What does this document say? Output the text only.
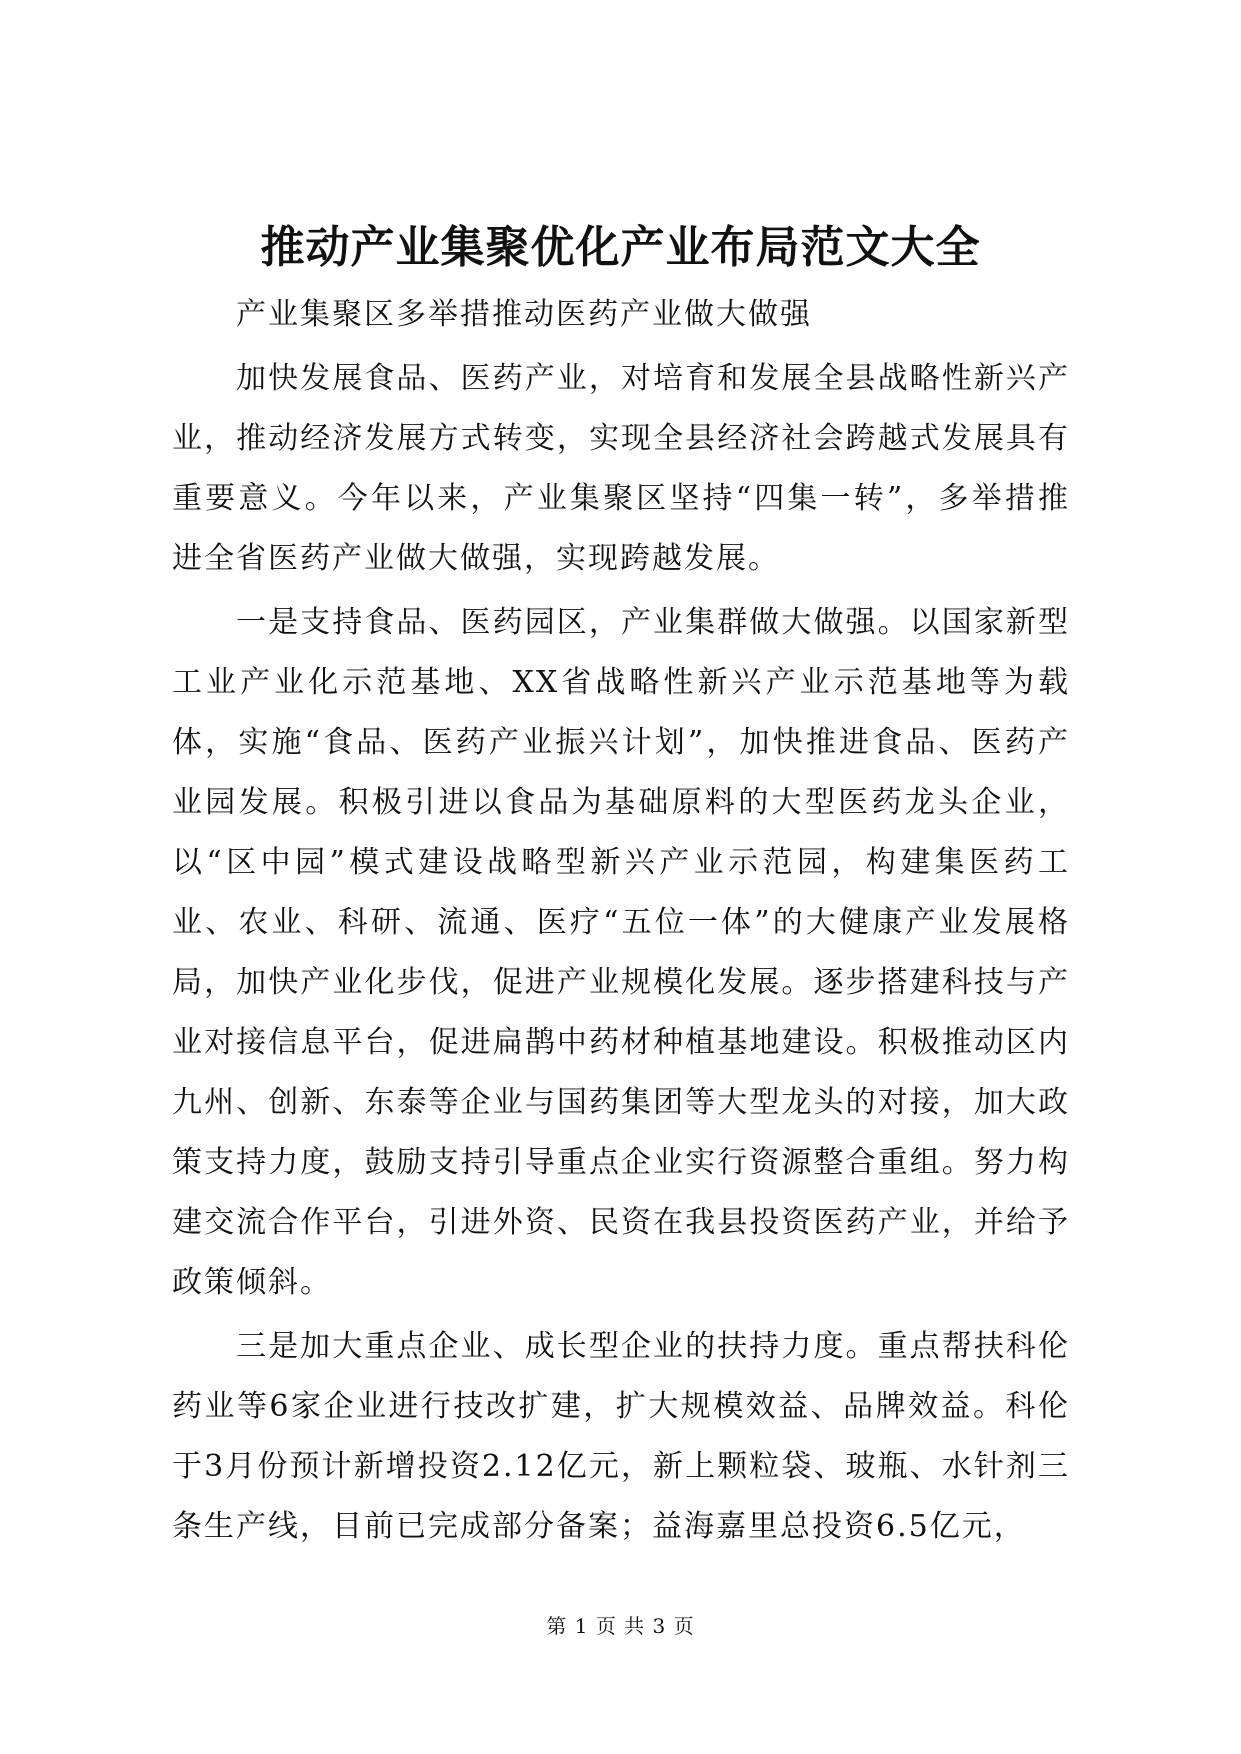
推动产业集聚优化产业布局范文大全

产业集聚区多举措推动医药产业做大做强

加快发展食品、医药产业，对培育和发展全县战略性新兴产业，推动经济发展方式转变，实现全县经济社会跨越式发展具有重要意义。今年以来，产业集聚区坚持“四集一转”，多举措推进全省医药产业做大做强，实现跨越发展。

一是支持食品、医药园区，产业集群做大做强。以国家新型工业产业化示范基地、XX省战略性新兴产业示范基地等为载体，实施“食品、医药产业振兴计划”，加快推进食品、医药产业园发展。积极引进以食品为基础原料的大型医药龙头企业，以“区中园”模式建设战略型新兴产业示范园，构建集医药工业、农业、科研、流通、医疗“五位一体”的大健康产业发展格局，加快产业化步伐，促进产业规模化发展。逐步搭建科技与产业对接信息平台，促进扁鹊中药材种植基地建设。积极推动区内九州、创新、东泰等企业与国药集团等大型龙头的对接，加大政策支持力度，鼓励支持引导重点企业实行资源整合重组。努力构建交流合作平台，引进外资、民资在我县投资医药产业，并给予政策倾斜。

三是加大重点企业、成长型企业的扶持力度。重点帮扶科伦药业等6家企业进行技改扩建，扩大规模效益、品牌效益。科伦于3月份预计新增投资2.12亿元，新上颗粒袋、玻瓶、水针剂三条生产线，目前已完成部分备案；益海嘉里总投资6.5亿元，

第 1 页 共 3 页
